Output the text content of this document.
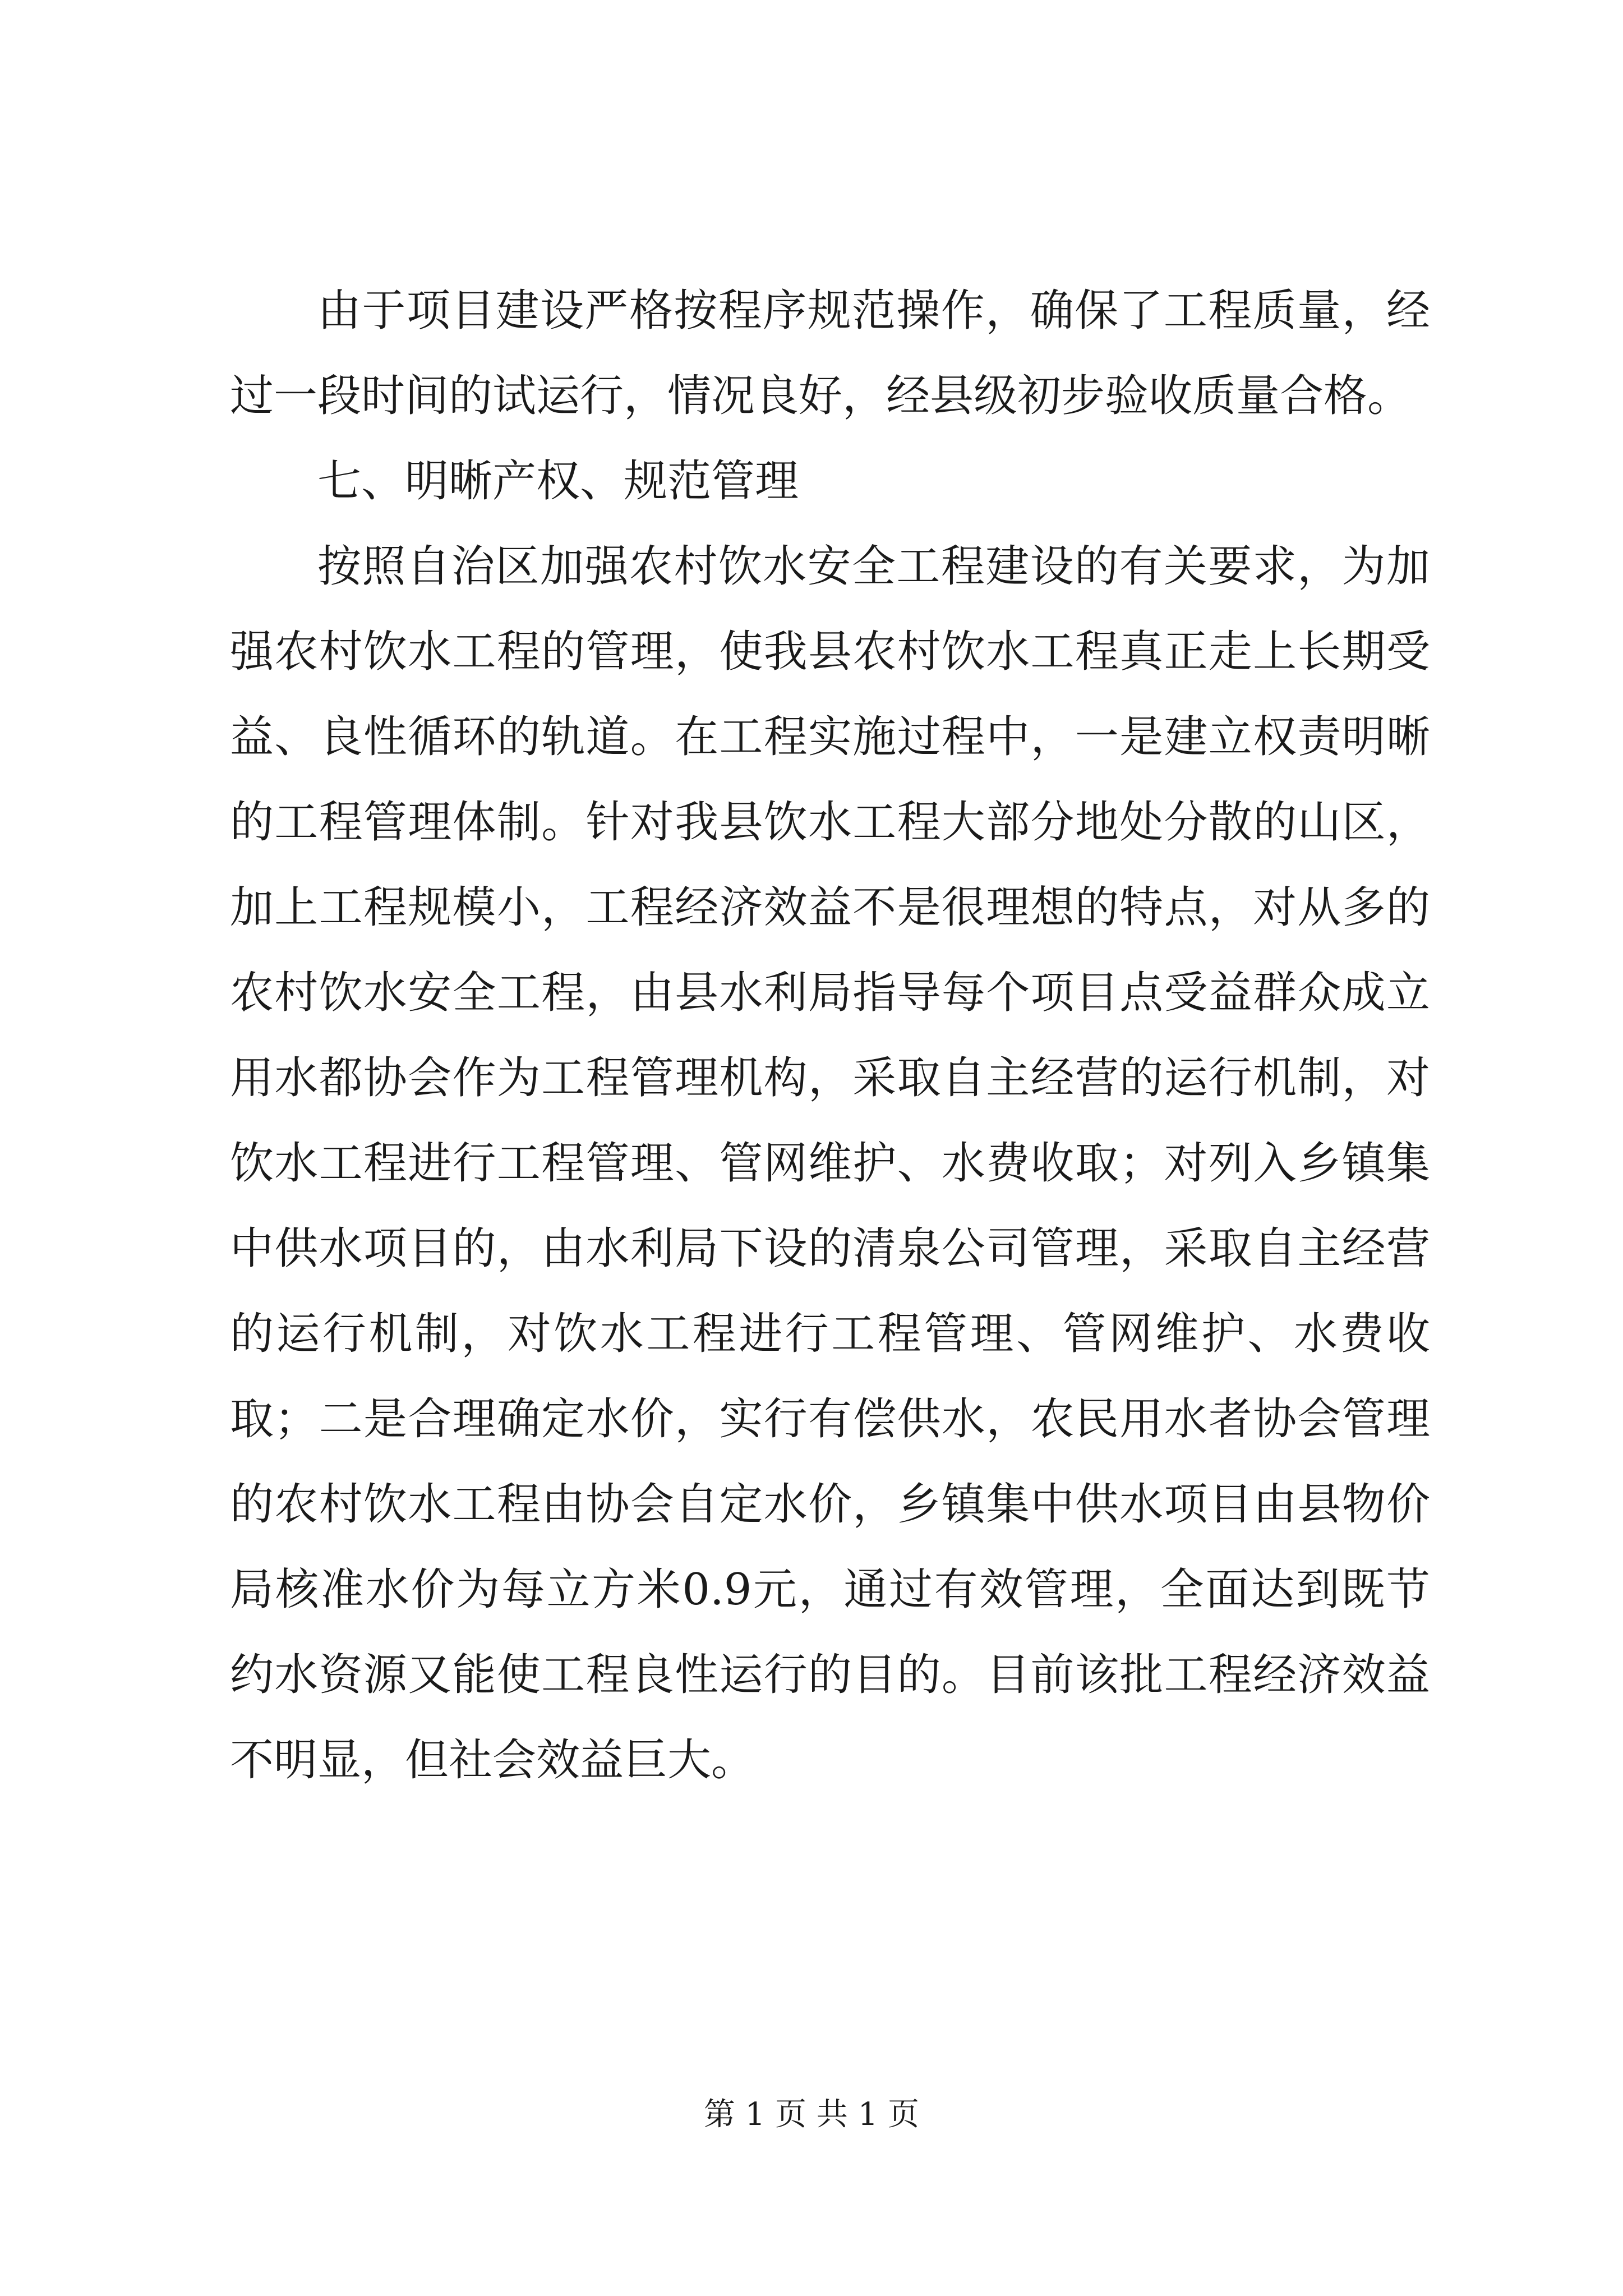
由于项目建设严格按程序规范操作，确保了工程质量，经过一段时间的试运行，情况良好，经县级初步验收质量合格。

七、明晰产权、规范管理

按照自治区加强农村饮水安全工程建设的有关要求，为加强农村饮水工程的管理，使我县农村饮水工程真正走上长期受益、良性循环的轨道。在工程实施过程中，一是建立权责明晰的工程管理体制。针对我县饮水工程大部分地处分散的山区，加上工程规模小，工程经济效益不是很理想的特点，对从多的农村饮水安全工程，由县水利局指导每个项目点受益群众成立用水都协会作为工程管理机构，采取自主经营的运行机制，对饮水工程进行工程管理、管网维护、水费收取；对列入乡镇集中供水项目的，由水利局下设的清泉公司管理，采取自主经营的运行机制，对饮水工程进行工程管理、管网维护、水费收取；二是合理确定水价，实行有偿供水，农民用水者协会管理的农村饮水工程由协会自定水价，乡镇集中供水项目由县物价局核准水价为每立方米0.9元，通过有效管理，全面达到既节约水资源又能使工程良性运行的目的。目前该批工程经济效益不明显，但社会效益巨大。

第 1 页 共 1 页
